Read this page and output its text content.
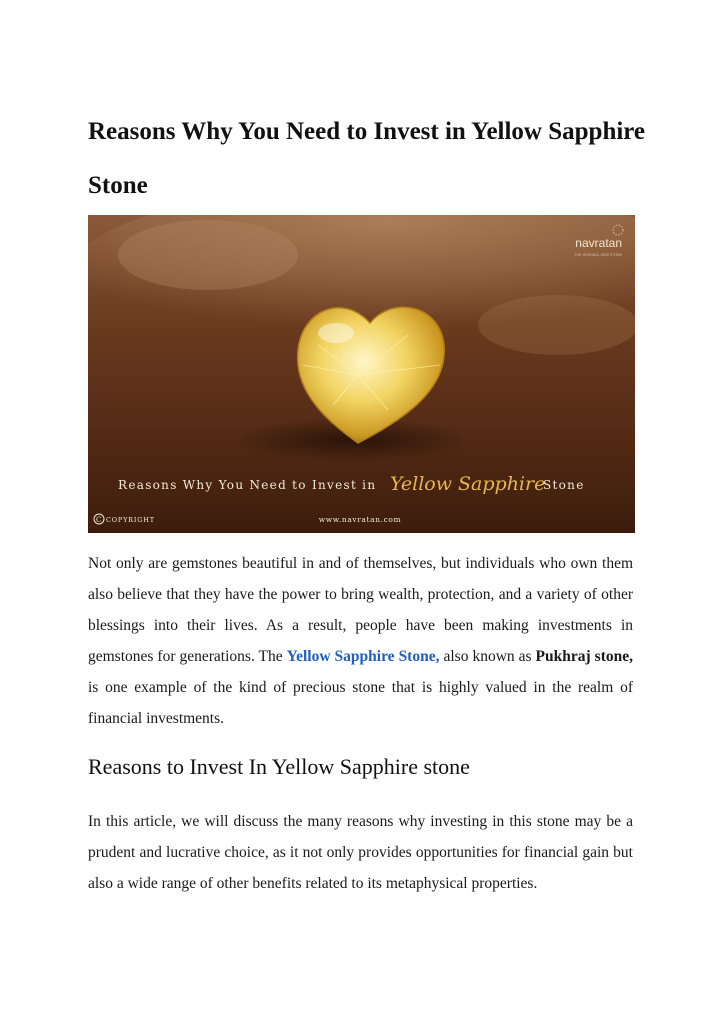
Reasons Why You Need to Invest in Yellow Sapphire Stone
navratan
THE ORIGINAL GEM STORE
Reasons Why You Need to Invest in Yellow Sapphire
Stone
C COPYRIGHT	www.navratan.com

Not only are gemstones beautiful in and of themselves, but individuals who own them also believe that they have the power to bring wealth, protection, and a variety of other blessings into their lives. As a result, people have been making investments in gemstones for generations. The Yellow Sapphire Stone, also known as Pukhraj stone, is one example of the kind of precious stone that is highly valued in the realm of financial investments.

Reasons to Invest In Yellow Sapphire stone

In this article, we will discuss the many reasons why investing in this stone may be a prudent and lucrative choice, as it not only provides opportunities for financial gain but also a wide range of other benefits related to its metaphysical properties.
